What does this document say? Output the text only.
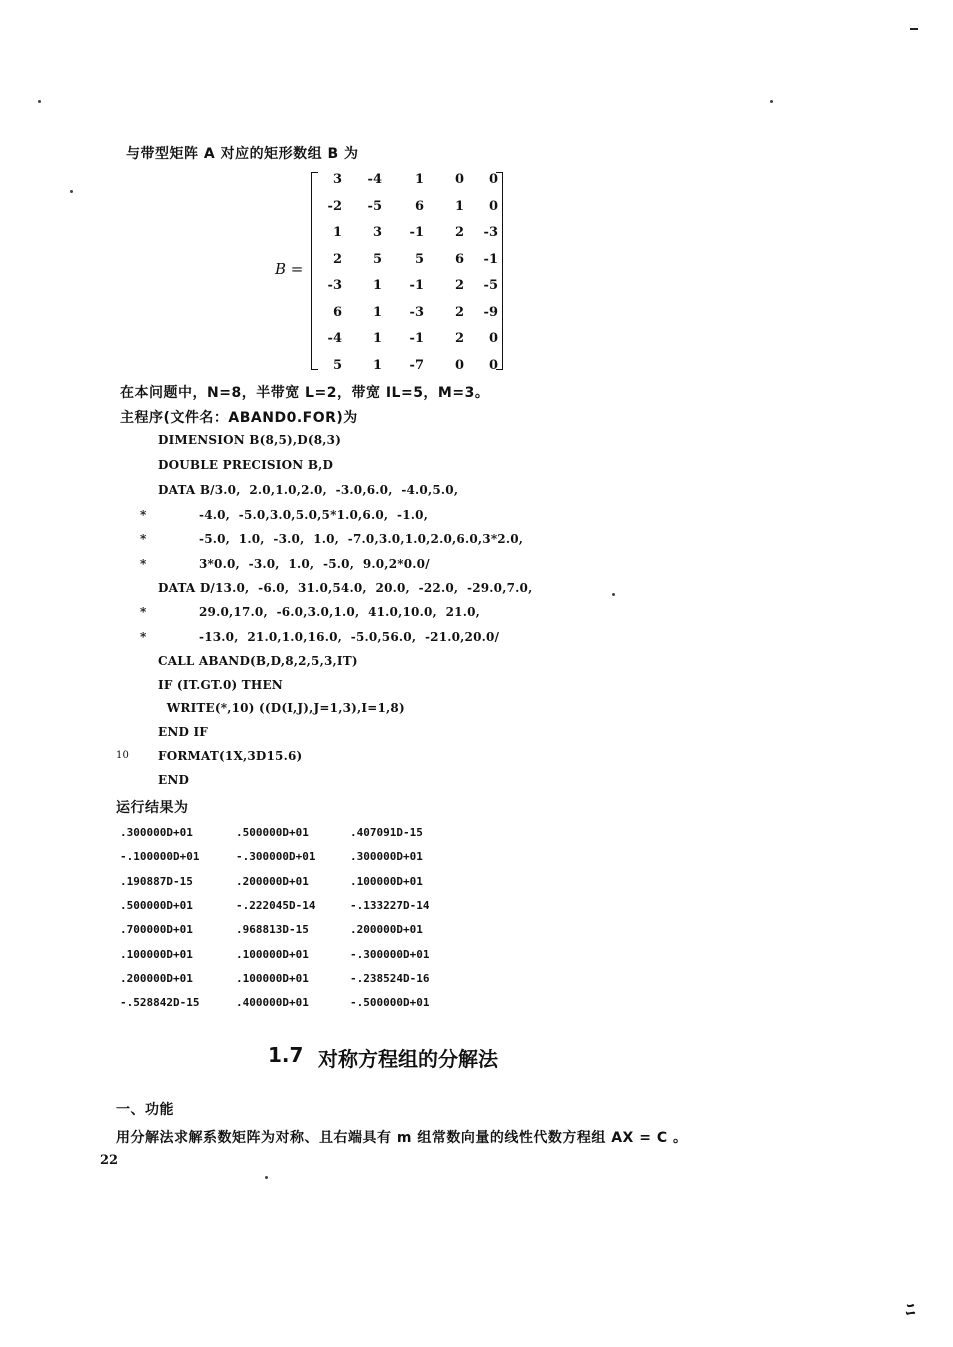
ﾆ
与带型矩阵 A 对应的矩形数组 B 为
B =
3	-4	1	0	0
-2	-5	6	1	0
1	3	-1	2	-3
2	5	5	6	-1
-3	1	-1	2	-5
6	1	-3	2	-9
-4	1	-1	2	0
5	1	-7	0	0
在本问题中，N=8，半带宽 L=2，带宽 IL=5，M=3。
主程序(文件名：ABAND0.FOR)为
DIMENSION B(8,5),D(8,3)
DOUBLE PRECISION B,D
DATA B/3.0,  2.0,1.0,2.0,  -3.0,6.0,  -4.0,5.0,
*            -4.0,  -5.0,3.0,5.0,5*1.0,6.0,  -1.0,
*            -5.0,  1.0,  -3.0,  1.0,  -7.0,3.0,1.0,2.0,6.0,3*2.0,
*            3*0.0,  -3.0,  1.0,  -5.0,  9.0,2*0.0/
DATA D/13.0,  -6.0,  31.0,54.0,  20.0,  -22.0,  -29.0,7.0,
*            29.0,17.0,  -6.0,3.0,1.0,  41.0,10.0,  21.0,
*            -13.0,  21.0,1.0,16.0,  -5.0,56.0,  -21.0,20.0/
CALL ABAND(B,D,8,2,5,3,IT)
IF (IT.GT.0) THEN
WRITE(*,10) ((D(I,J),J=1,3),I=1,8)
END IF
FORMAT(1X,3D15.6)
END
10
运行结果为
.300000D+01	.500000D+01	.407091D-15
-.100000D+01	-.300000D+01	.300000D+01
.190887D-15	.200000D+01	.100000D+01
.500000D+01	-.222045D-14	-.133227D-14
.700000D+01	.968813D-15	.200000D+01
.100000D+01	.100000D+01	-.300000D+01
.200000D+01	.100000D+01	-.238524D-16
-.528842D-15	.400000D+01	-.500000D+01
1.7 对称方程组的分解法
一、功能
用分解法求解系数矩阵为对称、且右端具有 m 组常数向量的线性代数方程组 AX = C 。
22
